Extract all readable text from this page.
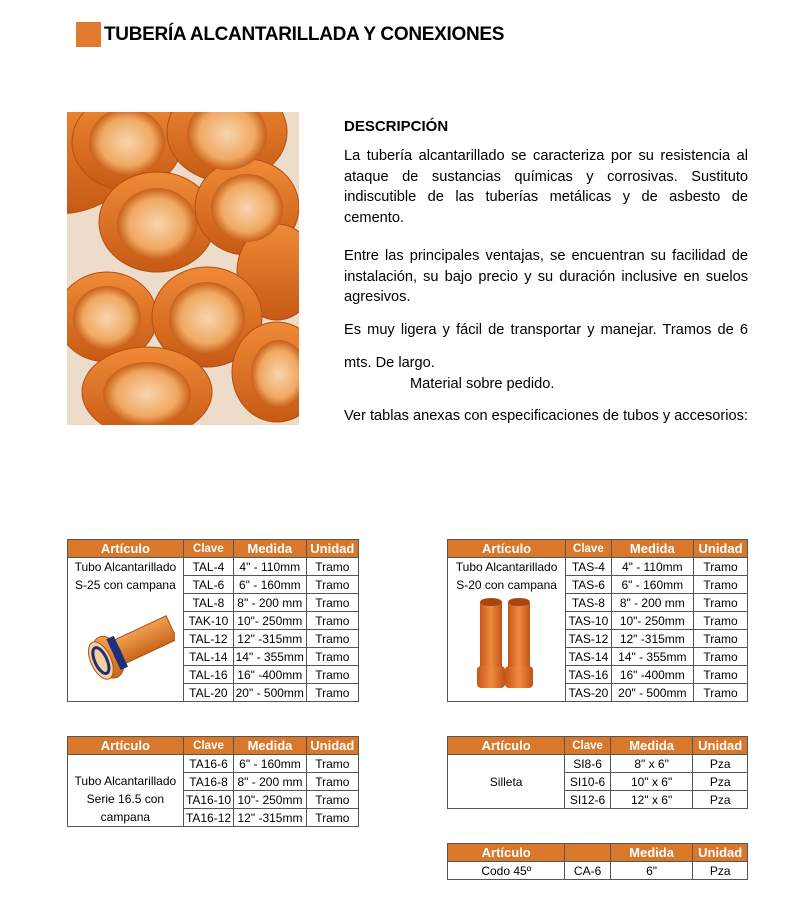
TUBERÍA ALCANTARILLADA Y CONEXIONES
DESCRIPCIÓN

La tubería alcantarillado se caracteriza por su resistencia al ataque de sustancias químicas y corrosivas. Sustituto indiscutible de las tuberías metálicas y de asbesto de cemento.

Entre las principales ventajas, se encuentran su facilidad de instalación, su bajo precio y su duración inclusive en suelos agresivos.

Es muy ligera y fácil de transportar y manejar. Tramos de 6 mts. De largo.

Material sobre pedido.

Ver tablas anexas con especificaciones de tubos y accesorios:

Artículo	Clave	Medida	Unidad

Tubo Alcantarillado
S-25 con campana	TAL-4	4" - 110mm	Tramo
	TAL-6	6" - 160mm	Tramo
	TAL-8	8" - 200 mm	Tramo
	TAK-10	10"- 250mm	Tramo
	TAL-12	12" -315mm	Tramo
	TAL-14	14" - 355mm	Tramo
	TAL-16	16" -400mm	Tramo
	TAL-20	20" - 500mm	Tramo
Artículo	Clave	Medida	Unidad

Tubo Alcantarillado
S-20 con campana	TAS-4	4" - 110mm	Tramo
	TAS-6	6" - 160mm	Tramo
	TAS-8	8" - 200 mm	Tramo
	TAS-10	10"- 250mm	Tramo
	TAS-12	12" -315mm	Tramo
	TAS-14	14" - 355mm	Tramo
	TAS-16	16" -400mm	Tramo
	TAS-20	20" - 500mm	Tramo
Artículo	Clave	Medida	Unidad

Tubo Alcantarillado
Serie 16.5 con
campana	TA16-6	6" - 160mm	Tramo
	TA16-8	8" - 200 mm	Tramo
	TA16-10	10"- 250mm	Tramo
	TA16-12	12" -315mm	Tramo
Artículo	Clave	Medida	Unidad
Silleta	SI8-6	8" x 6"	Pza
	SI10-6	10" x 6"	Pza
	SI12-6	12" x 6"	Pza
Artículo		Medida	Unidad
Codo 45º	CA-6	6"	Pza
